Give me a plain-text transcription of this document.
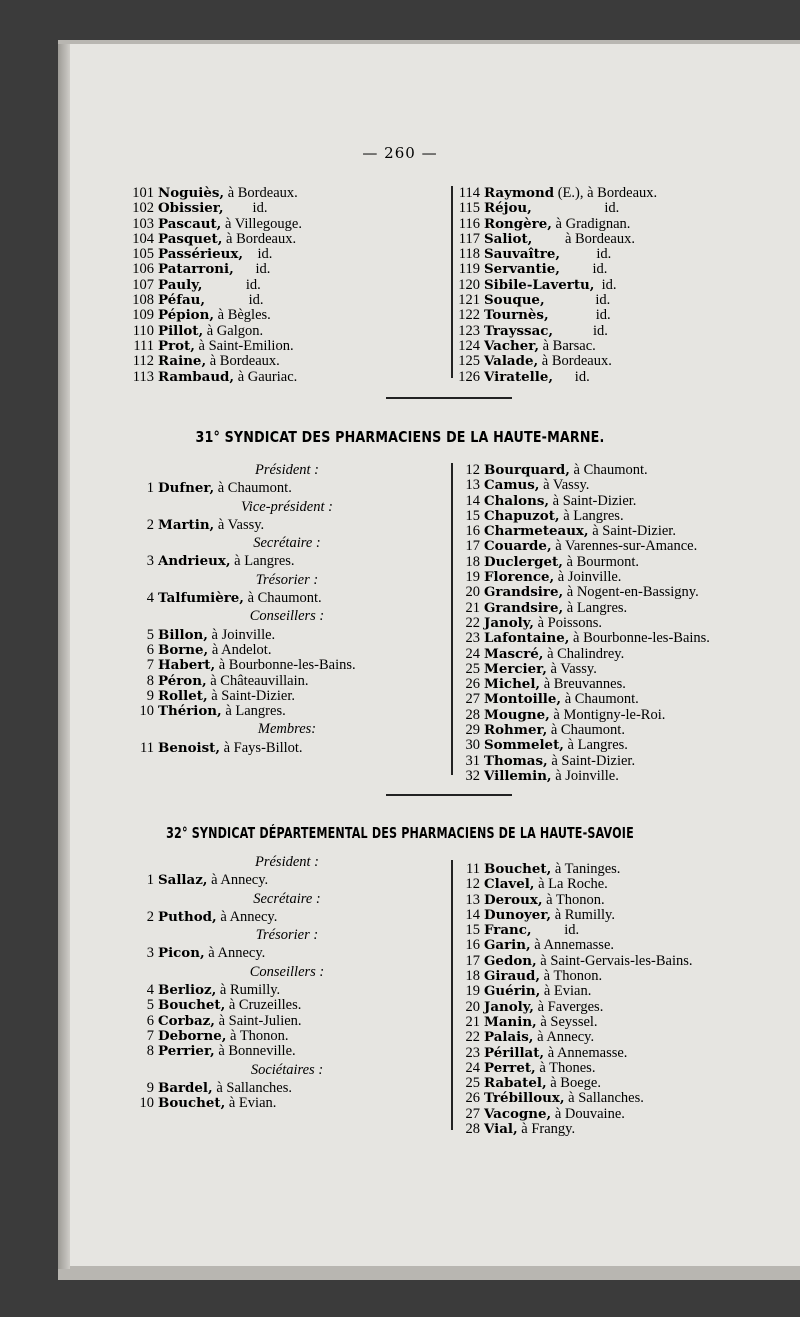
— 260 —
101 Noguiès, à Bordeaux.
102 Obissier,        id.
103 Pascaut, à Villegouge.
104 Pasquet, à Bordeaux.
105 Passérieux,    id.
106 Patarroni,      id.
107 Pauly,            id.
108 Péfau,            id.
109 Pépion, à Bègles.
110 Pillot, à Galgon.
111 Prot, à Saint-Emilion.
112 Raine, à Bordeaux.
113 Rambaud, à Gauriac.
114 Raymond (E.), à Bordeaux.
115 Réjou,                    id.
116 Rongère, à Gradignan.
117 Saliot,         à Bordeaux.
118 Sauvaître,          id.
119 Servantie,         id.
120 Sibile-Lavertu,  id.
121 Souque,              id.
122 Tournès,             id.
123 Trayssac,           id.
124 Vacher, à Barsac.
125 Valade, à Bordeaux.
126 Viratelle,      id.
31° SYNDICAT DES PHARMACIENS DE LA HAUTE-MARNE.
Président :
1 Dufner, à Chaumont.
Vice-président :
2 Martin, à Vassy.
Secrétaire :
3 Andrieux, à Langres.
Trésorier :
4 Talfumière, à Chaumont.
Conseillers :
5 Billon, à Joinville.
6 Borne, à Andelot.
7 Habert, à Bourbonne-les-Bains.
8 Péron, à Châteauvillain.
9 Rollet, à Saint-Dizier.
10 Thérion, à Langres.
Membres:
11 Benoist, à Fays-Billot.
12 Bourquard, à Chaumont.
13 Camus, à Vassy.
14 Chalons, à Saint-Dizier.
15 Chapuzot, à Langres.
16 Charmeteaux, à Saint-Dizier.
17 Couarde, à Varennes-sur-Amance.
18 Duclerget, à Bourmont.
19 Florence, à Joinville.
20 Grandsire, à Nogent-en-Bassigny.
21 Grandsire, à Langres.
22 Janoly, à Poissons.
23 Lafontaine, à Bourbonne-les-Bains.
24 Mascré, à Chalindrey.
25 Mercier, à Vassy.
26 Michel, à Breuvannes.
27 Montoille, à Chaumont.
28 Mougne, à Montigny-le-Roi.
29 Rohmer, à Chaumont.
30 Sommelet, à Langres.
31 Thomas, à Saint-Dizier.
32 Villemin, à Joinville.
32° SYNDICAT DÉPARTEMENTAL DES PHARMACIENS DE LA HAUTE-SAVOIE
Président :
1 Sallaz, à Annecy.
Secrétaire :
2 Puthod, à Annecy.
Trésorier :
3 Picon, à Annecy.
Conseillers :
4 Berlioz, à Rumilly.
5 Bouchet, à Cruzeilles.
6 Corbaz, à Saint-Julien.
7 Deborne, à Thonon.
8 Perrier, à Bonneville.
Sociétaires :
9 Bardel, à Sallanches.
10 Bouchet, à Evian.
11 Bouchet, à Taninges.
12 Clavel, à La Roche.
13 Deroux, à Thonon.
14 Dunoyer, à Rumilly.
15 Franc,         id.
16 Garin, à Annemasse.
17 Gedon, à Saint-Gervais-les-Bains.
18 Giraud, à Thonon.
19 Guérin, à Evian.
20 Janoly, à Faverges.
21 Manin, à Seyssel.
22 Palais, à Annecy.
23 Périllat, à Annemasse.
24 Perret, à Thones.
25 Rabatel, à Boege.
26 Trébilloux, à Sallanches.
27 Vacogne, à Douvaine.
28 Vial, à Frangy.
